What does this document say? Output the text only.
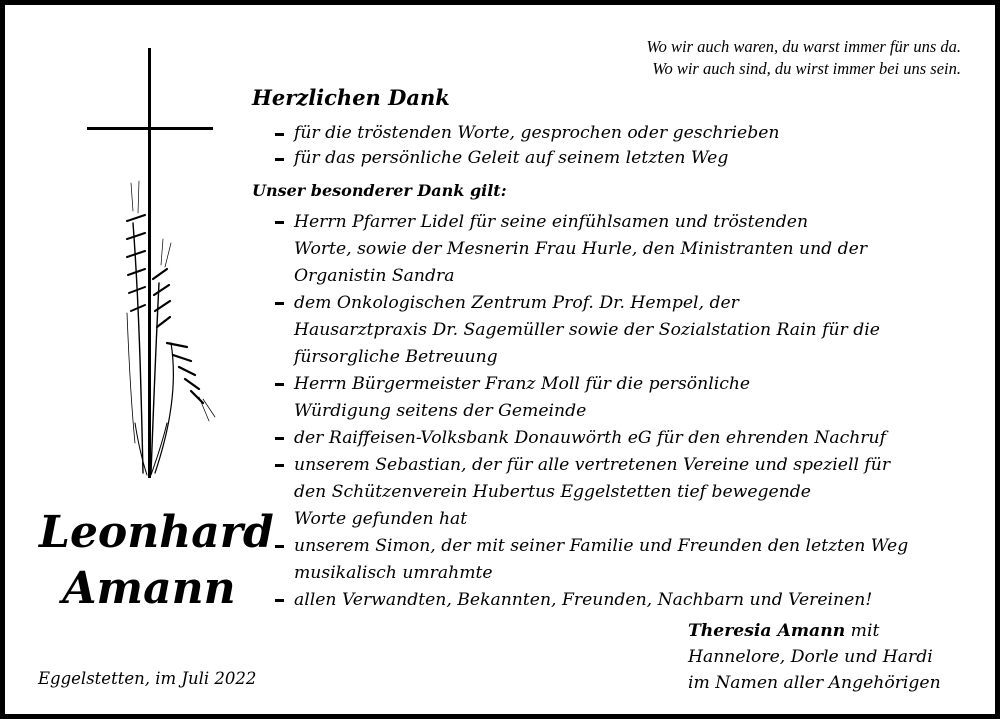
Wo wir auch waren, du warst immer für uns da.
Wo wir auch sind, du wirst immer bei uns sein.
Herzlichen Dank
für die tröstenden Worte, gesprochen oder geschrieben
für das persönliche Geleit auf seinem letzten Weg
Unser besonderer Dank gilt:
Herrn Pfarrer Lidel für seine einfühlsamen und tröstenden
Worte, sowie der Mesnerin Frau Hurle, den Ministranten und der
Organistin Sandra
dem Onkologischen Zentrum Prof. Dr. Hempel, der
Hausarztpraxis Dr. Sagemüller sowie der Sozialstation Rain für die
fürsorgliche Betreuung
Herrn Bürgermeister Franz Moll für die persönliche
Würdigung seitens der Gemeinde
der Raiffeisen-Volksbank Donauwörth eG für den ehrenden Nachruf
unserem Sebastian, der für alle vertretenen Vereine und speziell für
den Schützenverein Hubertus Eggelstetten tief bewegende
Worte gefunden hat
unserem Simon, der mit seiner Familie und Freunden den letzten Weg
musikalisch umrahmte
allen Verwandten, Bekannten, Freunden, Nachbarn und Vereinen!
Leonhard
Amann
Eggelstetten, im Juli 2022
Theresia Amann mit
Hannelore, Dorle und Hardi
im Namen aller Angehörigen
